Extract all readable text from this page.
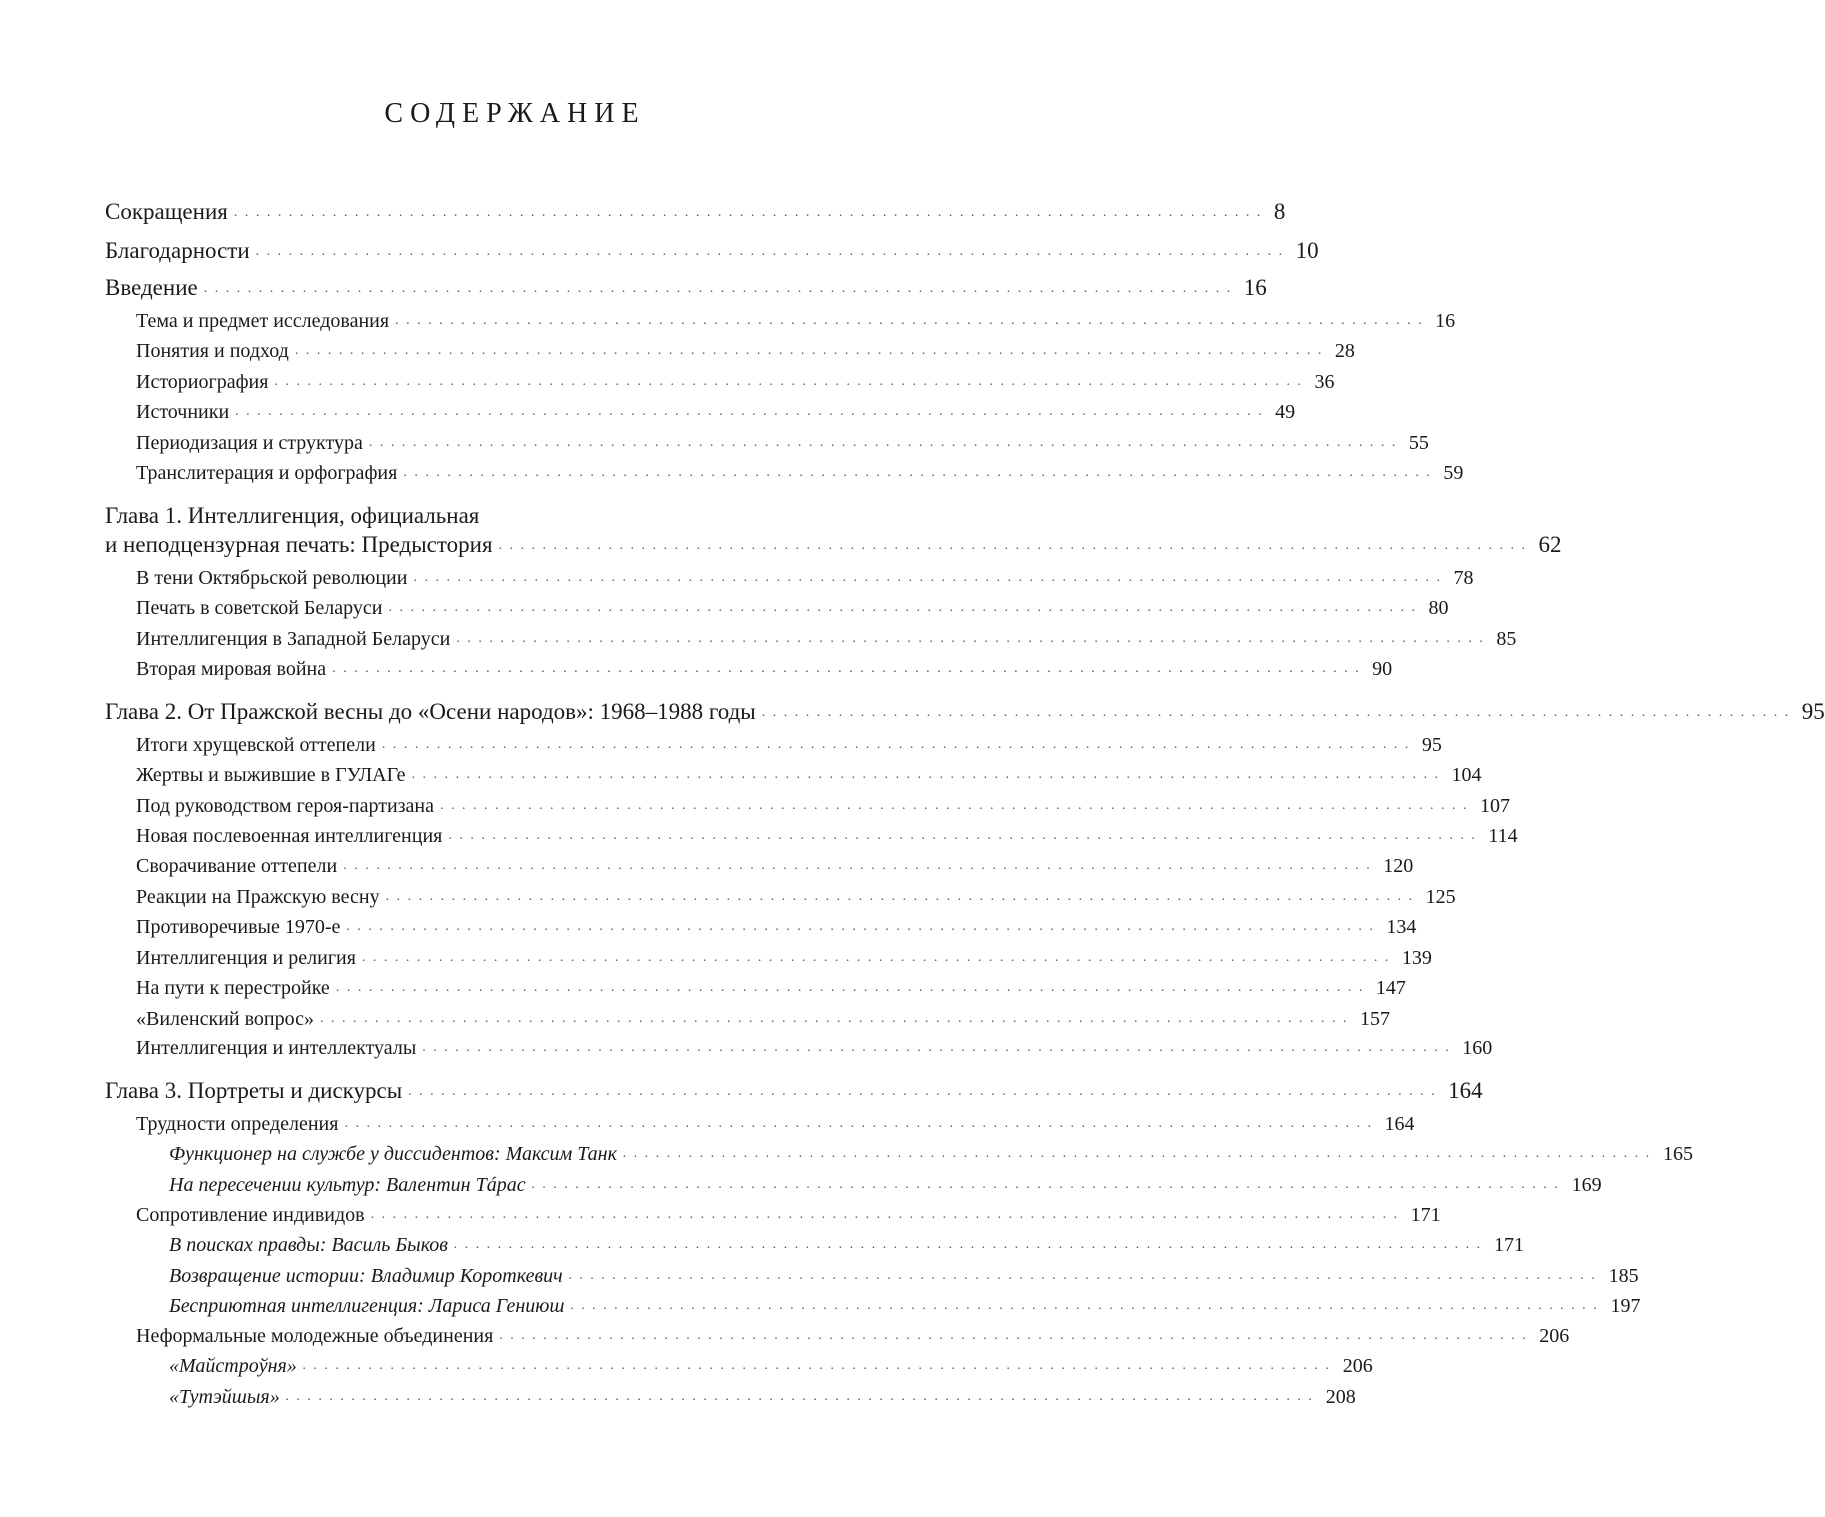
СОДЕРЖАНИЕ
Сокращения .............................................................................................. 8
Благодарности .............................................................................................. 10
Введение .............................................................................................. 16
Тема и предмет исследования .............................................................................................. 16
Понятия и подход .............................................................................................. 28
Историография .............................................................................................. 36
Источники .............................................................................................. 49
Периодизация и структура .............................................................................................. 55
Транслитерация и орфография .............................................................................................. 59
Глава 1. Интеллигенция, официальная
и неподцензурная печать: Предыстория .............................................................................................. 62
В тени Октябрьской революции .............................................................................................. 78
Печать в советской Беларуси .............................................................................................. 80
Интеллигенция в Западной Беларуси .............................................................................................. 85
Вторая мировая война .............................................................................................. 90
Глава 2. От Пражской весны до «Осени народов»: 1968–1988 годы .............................................................................................. 95
Итоги хрущевской оттепели .............................................................................................. 95
Жертвы и выжившие в ГУЛАГе .............................................................................................. 104
Под руководством героя-партизана .............................................................................................. 107
Новая послевоенная интеллигенция .............................................................................................. 114
Сворачивание оттепели .............................................................................................. 120
Реакции на Пражскую весну .............................................................................................. 125
Противоречивые 1970-е .............................................................................................. 134
Интеллигенция и религия .............................................................................................. 139
На пути к перестройке .............................................................................................. 147
«Виленский вопрос» .............................................................................................. 157
Интеллигенция и интеллектуалы .............................................................................................. 160
Глава 3. Портреты и дискурсы .............................................................................................. 164
Трудности определения .............................................................................................. 164
Функционер на службе у диссидентов: Максим Танк .............................................................................................. 165
На пересечении культур: Валентин Тáрас .............................................................................................. 169
Сопротивление индивидов .............................................................................................. 171
В поисках правды: Василь Быков .............................................................................................. 171
Возвращение истории: Владимир Короткевич .............................................................................................. 185
Бесприютная интеллигенция: Лариса Гениюш .............................................................................................. 197
Неформальные молодежные объединения .............................................................................................. 206
«Майстроўня» .............................................................................................. 206
«Тутэйшыя» .............................................................................................. 208
